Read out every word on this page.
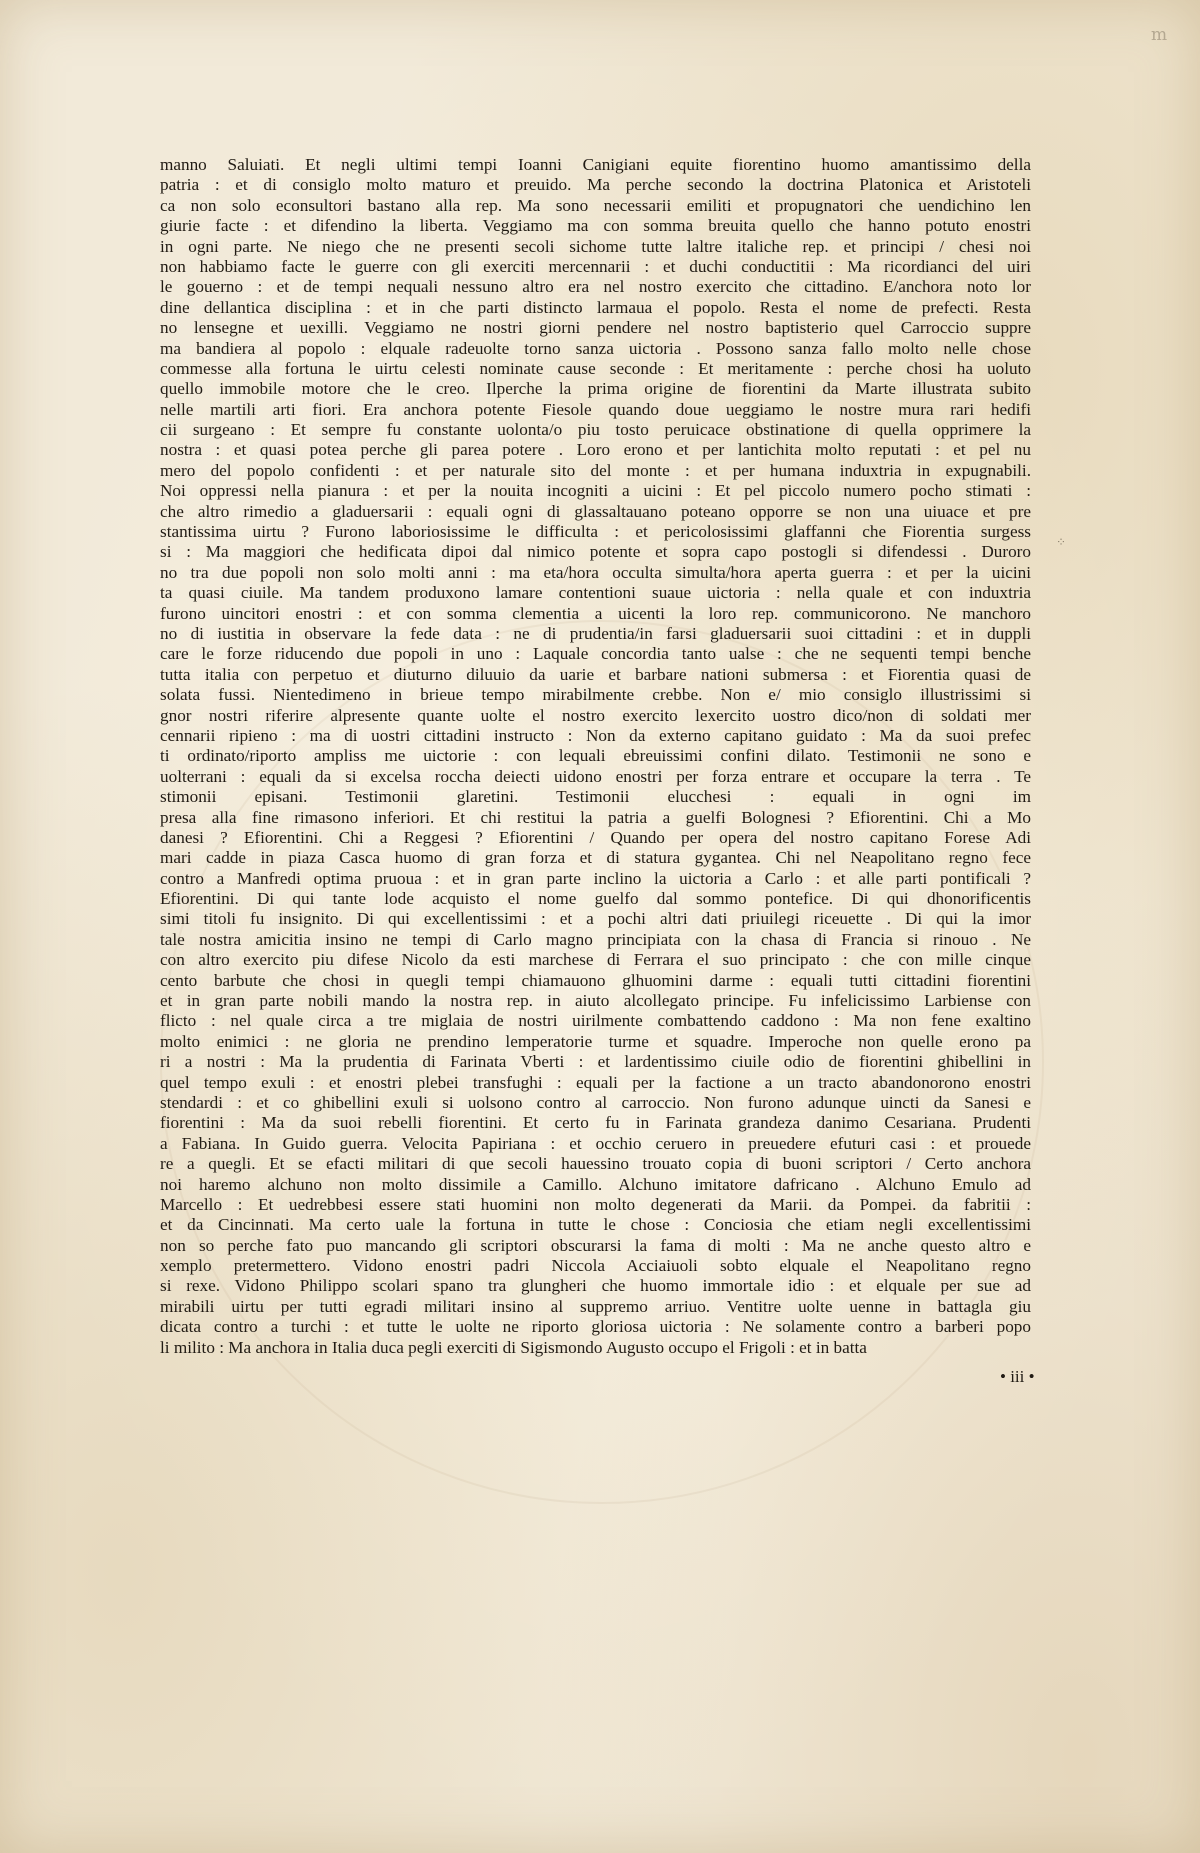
m
⁘
manno Saluiati. Et negli ultimi tempi Ioanni Canigiani equite fiorentino huomo amantissimo della
patria : et di consiglo molto maturo et preuido. Ma perche secondo la doctrina Platonica et Aristoteli
ca non solo econsultori bastano alla rep. Ma sono necessarii emiliti et propugnatori che uendichino len
giurie facte : et difendino la liberta. Veggiamo ma con somma breuita quello che hanno potuto enostri
in ogni parte. Ne niego che ne presenti secoli sichome tutte laltre italiche rep. et principi / chesi noi
non habbiamo facte le guerre con gli exerciti mercennarii : et duchi conductitii : Ma ricordianci del uiri
le gouerno : et de tempi nequali nessuno altro era nel nostro exercito che cittadino. E/anchora noto lor
dine dellantica disciplina : et in che parti distincto larmaua el popolo. Resta el nome de prefecti. Resta
no lensegne et uexilli. Veggiamo ne nostri giorni pendere nel nostro baptisterio quel Carroccio suppre
ma bandiera al popolo : elquale radeuolte torno sanza uictoria . Possono sanza fallo molto nelle chose
commesse alla fortuna le uirtu celesti nominate cause seconde : Et meritamente : perche chosi ha uoluto
quello immobile motore che le creo. Ilperche la prima origine de fiorentini da Marte illustrata subito
nelle martili arti fiori. Era anchora potente Fiesole quando doue ueggiamo le nostre mura rari hedifi
cii surgeano : Et sempre fu constante uolonta/o piu tosto peruicace obstinatione di quella opprimere la
nostra : et quasi potea perche gli parea potere . Loro erono et per lantichita molto reputati : et pel nu
mero del popolo confidenti : et per naturale sito del monte : et per humana induxtria in expugnabili.
Noi oppressi nella pianura : et per la nouita incogniti a uicini : Et pel piccolo numero pocho stimati :
che altro rimedio a gladuersarii : equali ogni di glassaltauano poteano opporre se non una uiuace et pre
stantissima uirtu ? Furono laboriosissime le difficulta : et pericolosissimi glaffanni che Fiorentia surgess
si : Ma maggiori che hedificata dipoi dal nimico potente et sopra capo postogli si difendessi . Duroro
no tra due popoli non solo molti anni : ma eta/hora occulta simulta/hora aperta guerra : et per la uicini
ta quasi ciuile. Ma tandem produxono lamare contentioni suaue uictoria : nella quale et con induxtria
furono uincitori enostri : et con somma clementia a uicenti la loro rep. communicorono. Ne manchoro
no di iustitia in observare la fede data : ne di prudentia/in farsi gladuersarii suoi cittadini : et in duppli
care le forze riducendo due popoli in uno : Laquale concordia tanto ualse : che ne sequenti tempi benche
tutta italia con perpetuo et diuturno diluuio da uarie et barbare nationi submersa : et Fiorentia quasi de
solata fussi. Nientedimeno in brieue tempo mirabilmente crebbe. Non e/ mio consiglo illustrissimi si
gnor nostri riferire alpresente quante uolte el nostro exercito lexercito uostro dico/non di soldati mer
cennarii ripieno : ma di uostri cittadini instructo : Non da externo capitano guidato : Ma da suoi prefec
ti ordinato/riporto ampliss me uictorie : con lequali ebreuissimi confini dilato. Testimonii ne sono e
uolterrani : equali da si excelsa roccha deiecti uidono enostri per forza entrare et occupare la terra . Te
stimonii episani. Testimonii glaretini. Testimonii elucchesi : equali in ogni im
presa alla fine rimasono inferiori. Et chi restitui la patria a guelfi Bolognesi ? Efiorentini. Chi a Mo
danesi ? Efiorentini. Chi a Reggesi ? Efiorentini / Quando per opera del nostro capitano Forese Adi
mari cadde in piaza Casca huomo di gran forza et di statura gygantea. Chi nel Neapolitano regno fece
contro a Manfredi optima pruoua : et in gran parte inclino la uictoria a Carlo : et alle parti pontificali ?
Efiorentini. Di qui tante lode acquisto el nome guelfo dal sommo pontefice. Di qui dhonorificentis
simi titoli fu insignito. Di qui excellentissimi : et a pochi altri dati priuilegi riceuette . Di qui la imor
tale nostra amicitia insino ne tempi di Carlo magno principiata con la chasa di Francia si rinouo . Ne
con altro exercito piu difese Nicolo da esti marchese di Ferrara el suo principato : che con mille cinque
cento barbute che chosi in quegli tempi chiamauono glhuomini darme : equali tutti cittadini fiorentini
et in gran parte nobili mando la nostra rep. in aiuto alcollegato principe. Fu infelicissimo Larbiense con
flicto : nel quale circa a tre miglaia de nostri uirilmente combattendo caddono : Ma non fene exaltino
molto enimici : ne gloria ne prendino lemperatorie turme et squadre. Imperoche non quelle erono pa
ri a nostri : Ma la prudentia di Farinata Vberti : et lardentissimo ciuile odio de fiorentini ghibellini in
quel tempo exuli : et enostri plebei transfughi : equali per la factione a un tracto abandonorono enostri
stendardi : et co ghibellini exuli si uolsono contro al carroccio. Non furono adunque uincti da Sanesi e
fiorentini : Ma da suoi rebelli fiorentini. Et certo fu in Farinata grandeza danimo Cesariana. Prudenti
a Fabiana. In Guido guerra. Velocita Papiriana : et occhio ceruero in preuedere efuturi casi : et prouede
re a quegli. Et se efacti militari di que secoli hauessino trouato copia di buoni scriptori / Certo anchora
noi haremo alchuno non molto dissimile a Camillo. Alchuno imitatore dafricano . Alchuno Emulo ad
Marcello : Et uedrebbesi essere stati huomini non molto degenerati da Marii. da Pompei. da fabritii :
et da Cincinnati. Ma certo uale la fortuna in tutte le chose : Conciosia che etiam negli excellentissimi
non so perche fato puo mancando gli scriptori obscurarsi la fama di molti : Ma ne anche questo altro e
xemplo pretermettero. Vidono enostri padri Niccola Acciaiuoli sobto elquale el Neapolitano regno
si rexe. Vidono Philippo scolari spano tra glungheri che huomo immortale idio : et elquale per sue ad
mirabili uirtu per tutti egradi militari insino al suppremo arriuo. Ventitre uolte uenne in battagla giu
dicata contro a turchi : et tutte le uolte ne riporto gloriosa uictoria : Ne solamente contro a barberi popo
li milito : Ma anchora in Italia duca pegli exerciti di Sigismondo Augusto occupo el Frigoli : et in batta
• iii •
